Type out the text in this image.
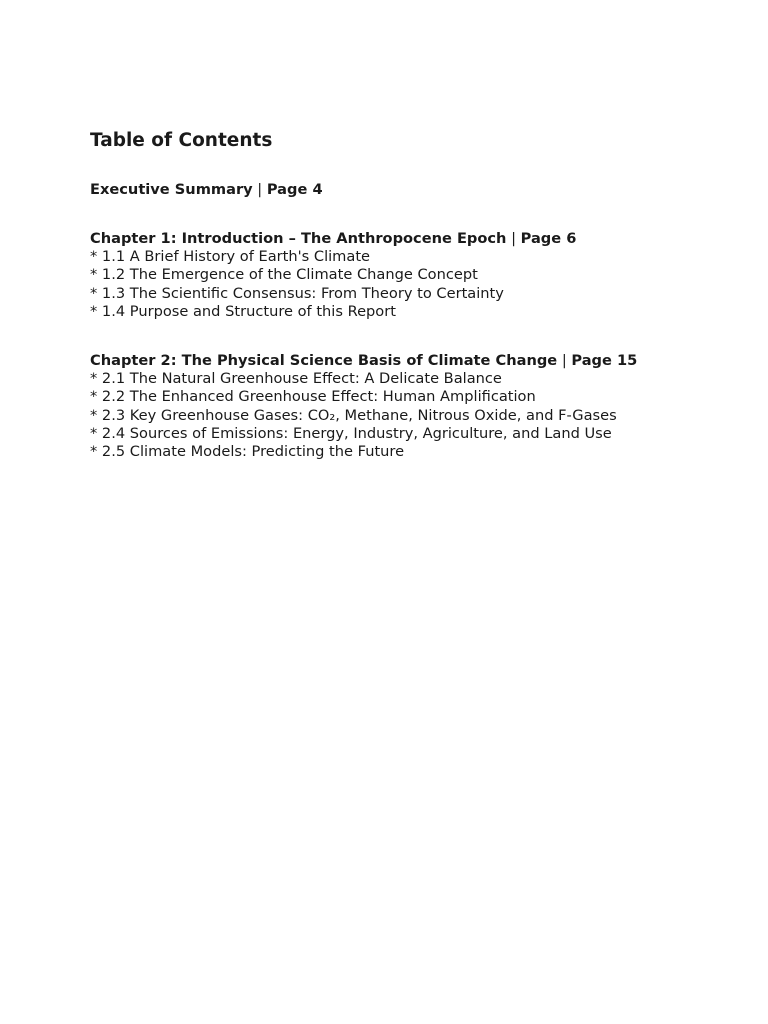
Table of Contents
Executive Summary | Page 4
Chapter 1: Introduction – The Anthropocene Epoch | Page 6
* 1.1 A Brief History of Earth's Climate
* 1.2 The Emergence of the Climate Change Concept
* 1.3 The Scientific Consensus: From Theory to Certainty
* 1.4 Purpose and Structure of this Report
Chapter 2: The Physical Science Basis of Climate Change | Page 15
* 2.1 The Natural Greenhouse Effect: A Delicate Balance
* 2.2 The Enhanced Greenhouse Effect: Human Amplification
* 2.3 Key Greenhouse Gases: CO₂, Methane, Nitrous Oxide, and F-Gases
* 2.4 Sources of Emissions: Energy, Industry, Agriculture, and Land Use
* 2.5 Climate Models: Predicting the Future
